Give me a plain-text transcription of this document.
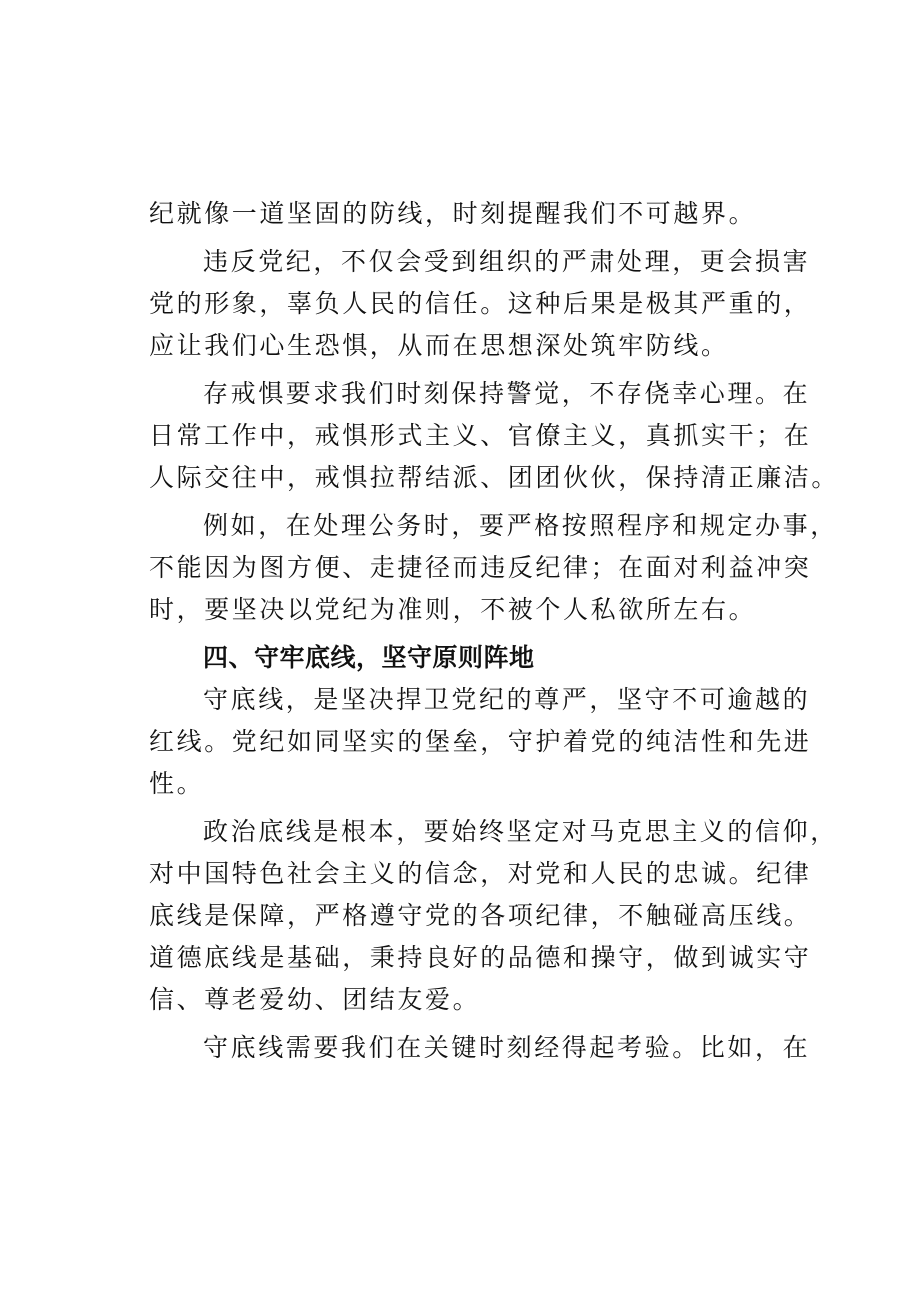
纪就像一道坚固的防线，时刻提醒我们不可越界。
违反党纪，不仅会受到组织的严肃处理，更会损害
党的形象，辜负人民的信任。这种后果是极其严重的，
应让我们心生恐惧，从而在思想深处筑牢防线。
存戒惧要求我们时刻保持警觉，不存侥幸心理。在
日常工作中，戒惧形式主义、官僚主义，真抓实干；在
人际交往中，戒惧拉帮结派、团团伙伙，保持清正廉洁。
例如，在处理公务时，要严格按照程序和规定办事，
不能因为图方便、走捷径而违反纪律；在面对利益冲突
时，要坚决以党纪为准则，不被个人私欲所左右。
四、守牢底线，坚守原则阵地
守底线，是坚决捍卫党纪的尊严，坚守不可逾越的
红线。党纪如同坚实的堡垒，守护着党的纯洁性和先进
性。
政治底线是根本，要始终坚定对马克思主义的信仰，
对中国特色社会主义的信念，对党和人民的忠诚。纪律
底线是保障，严格遵守党的各项纪律，不触碰高压线。
道德底线是基础，秉持良好的品德和操守，做到诚实守
信、尊老爱幼、团结友爱。
守底线需要我们在关键时刻经得起考验。比如，在
